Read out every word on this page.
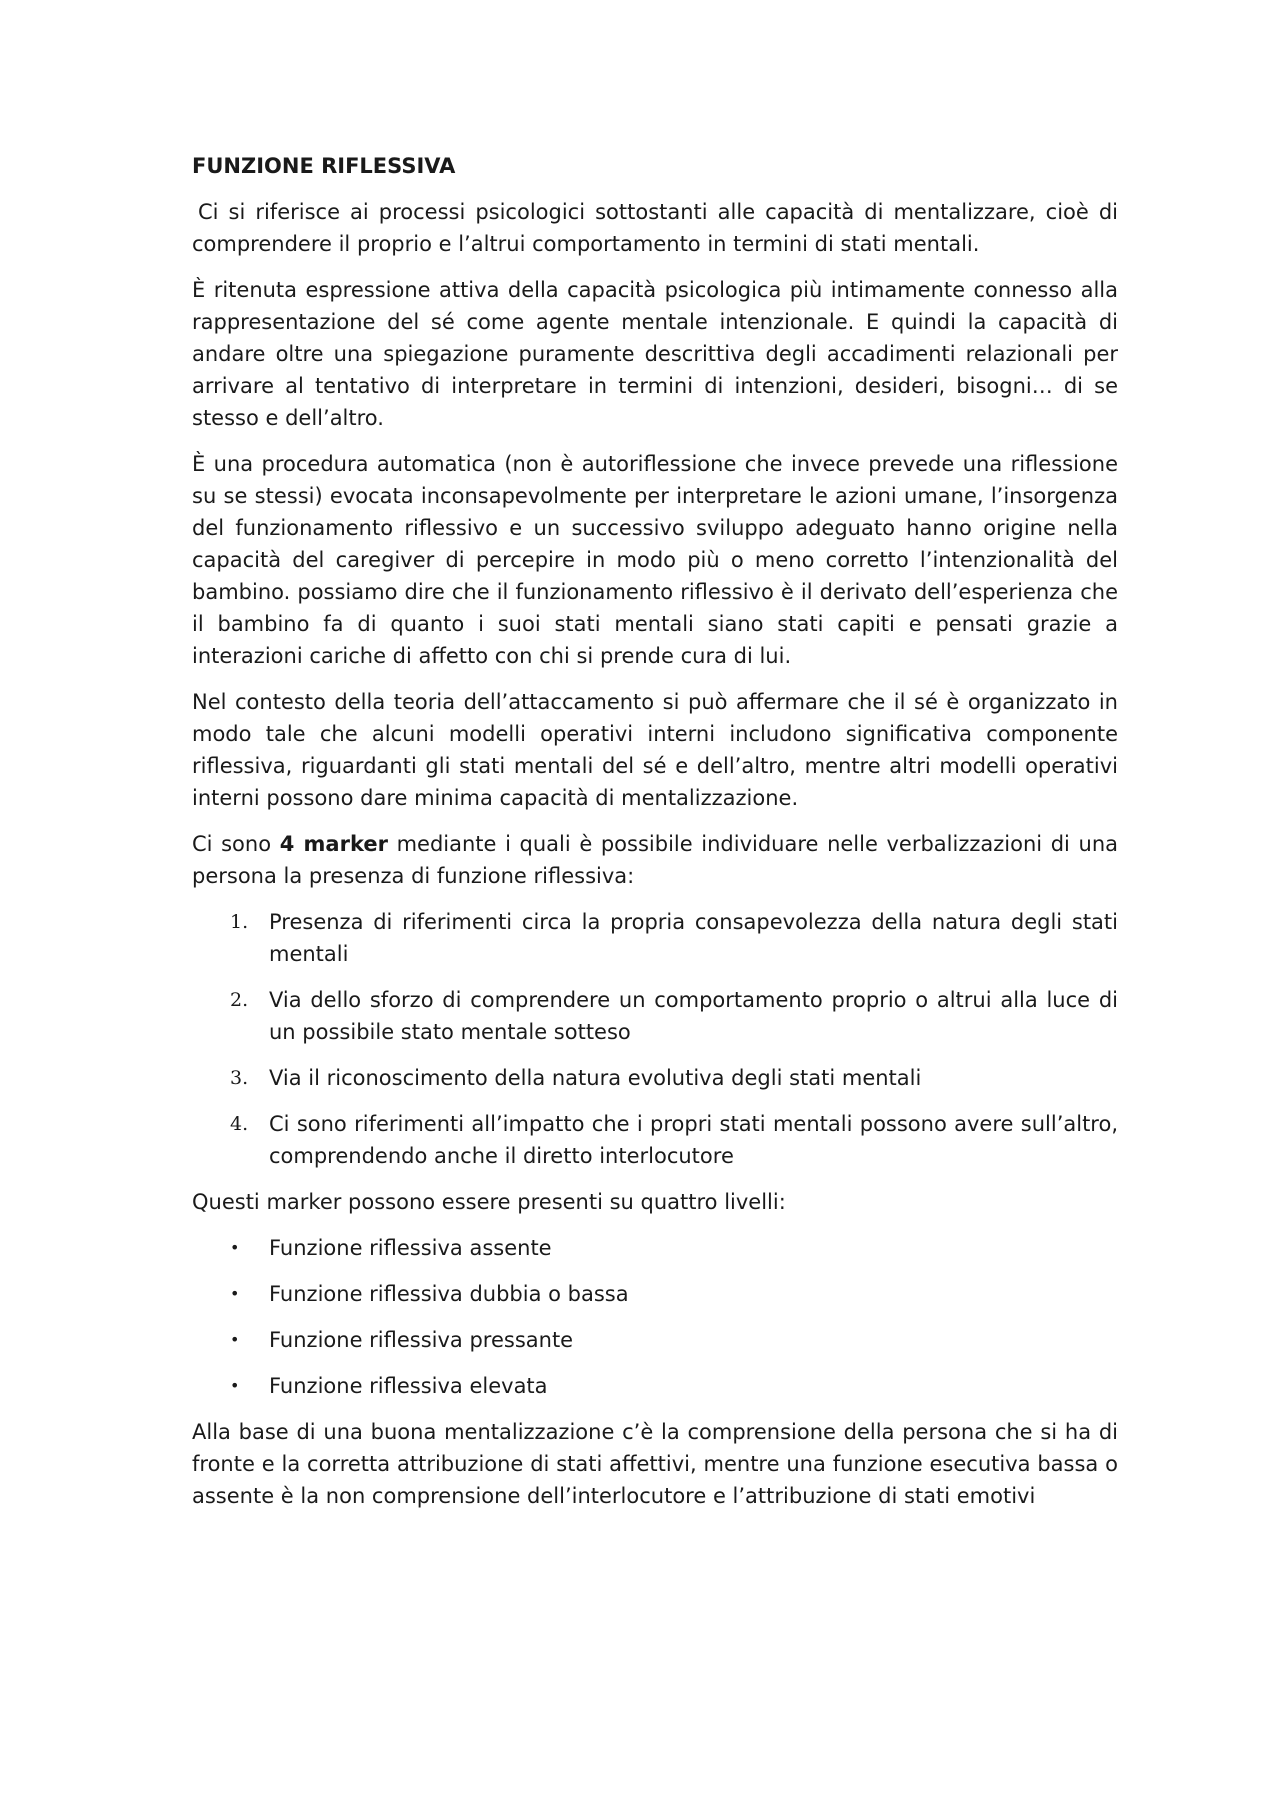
FUNZIONE RIFLESSIVA

Ci si riferisce ai processi psicologici sottostanti alle capacità di mentalizzare, cioè di comprendere il proprio e l’altrui comportamento in termini di stati mentali.

È ritenuta espressione attiva della capacità psicologica più intimamente connesso alla rappresentazione del sé come agente mentale intenzionale. E quindi la capacità di andare oltre una spiegazione puramente descrittiva degli accadimenti relazionali per arrivare al tentativo di interpretare in termini di intenzioni, desideri, bisogni… di se stesso e dell’altro.

È una procedura automatica (non è autoriflessione che invece prevede una riflessione su se stessi) evocata inconsapevolmente per interpretare le azioni umane, l’insorgenza del funzionamento riflessivo e un successivo sviluppo adeguato hanno origine nella capacità del caregiver di percepire in modo più o meno corretto l’intenzionalità del bambino. possiamo dire che il funzionamento riflessivo è il derivato dell’esperienza che il bambino fa di quanto i suoi stati mentali siano stati capiti e pensati grazie a interazioni cariche di affetto con chi si prende cura di lui.

Nel contesto della teoria dell’attaccamento si può affermare che il sé è organizzato in modo tale che alcuni modelli operativi interni includono significativa componente riflessiva, riguardanti gli stati mentali del sé e dell’altro, mentre altri modelli operativi interni possono dare minima capacità di mentalizzazione.

Ci sono 4 marker mediante i quali è possibile individuare nelle verbalizzazioni di una persona la presenza di funzione riflessiva:

1. Presenza di riferimenti circa la propria consapevolezza della natura degli stati mentali
2. Via dello sforzo di comprendere un comportamento proprio o altrui alla luce di un possibile stato mentale sotteso
3. Via il riconoscimento della natura evolutiva degli stati mentali
4. Ci sono riferimenti all’impatto che i propri stati mentali possono avere sull’altro, comprendendo anche il diretto interlocutore

Questi marker possono essere presenti su quattro livelli:

• Funzione riflessiva assente
• Funzione riflessiva dubbia o bassa
• Funzione riflessiva pressante
• Funzione riflessiva elevata

Alla base di una buona mentalizzazione c’è la comprensione della persona che si ha di fronte e la corretta attribuzione di stati affettivi, mentre una funzione esecutiva bassa o assente è la non comprensione dell’interlocutore e l’attribuzione di stati emotivi
